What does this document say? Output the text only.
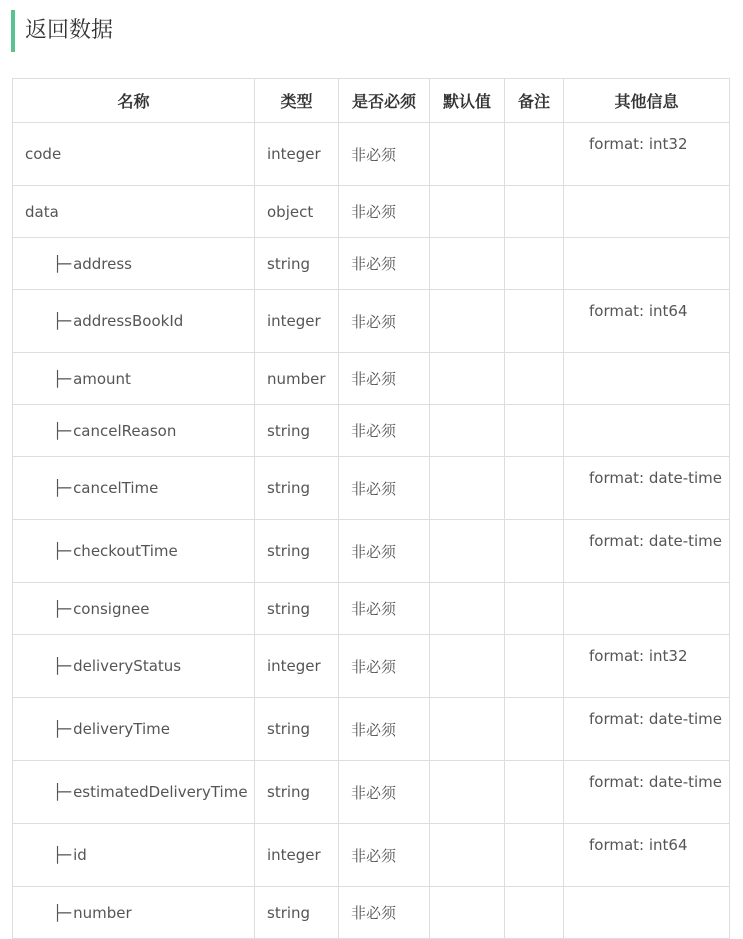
返回数据
名称	类型	是否必须	默认值	备注	其他信息
code	integer	非必须			format: int32
data	object	非必须			
├─ address	string	非必须			
├─ addressBookId	integer	非必须			format: int64
├─ amount	number	非必须			
├─ cancelReason	string	非必须			
├─ cancelTime	string	非必须			format: date-time
├─ checkoutTime	string	非必须			format: date-time
├─ consignee	string	非必须			
├─ deliveryStatus	integer	非必须			format: int32
├─ deliveryTime	string	非必须			format: date-time
├─ estimatedDeliveryTime	string	非必须			format: date-time
├─ id	integer	非必须			format: int64
├─ number	string	非必须			
